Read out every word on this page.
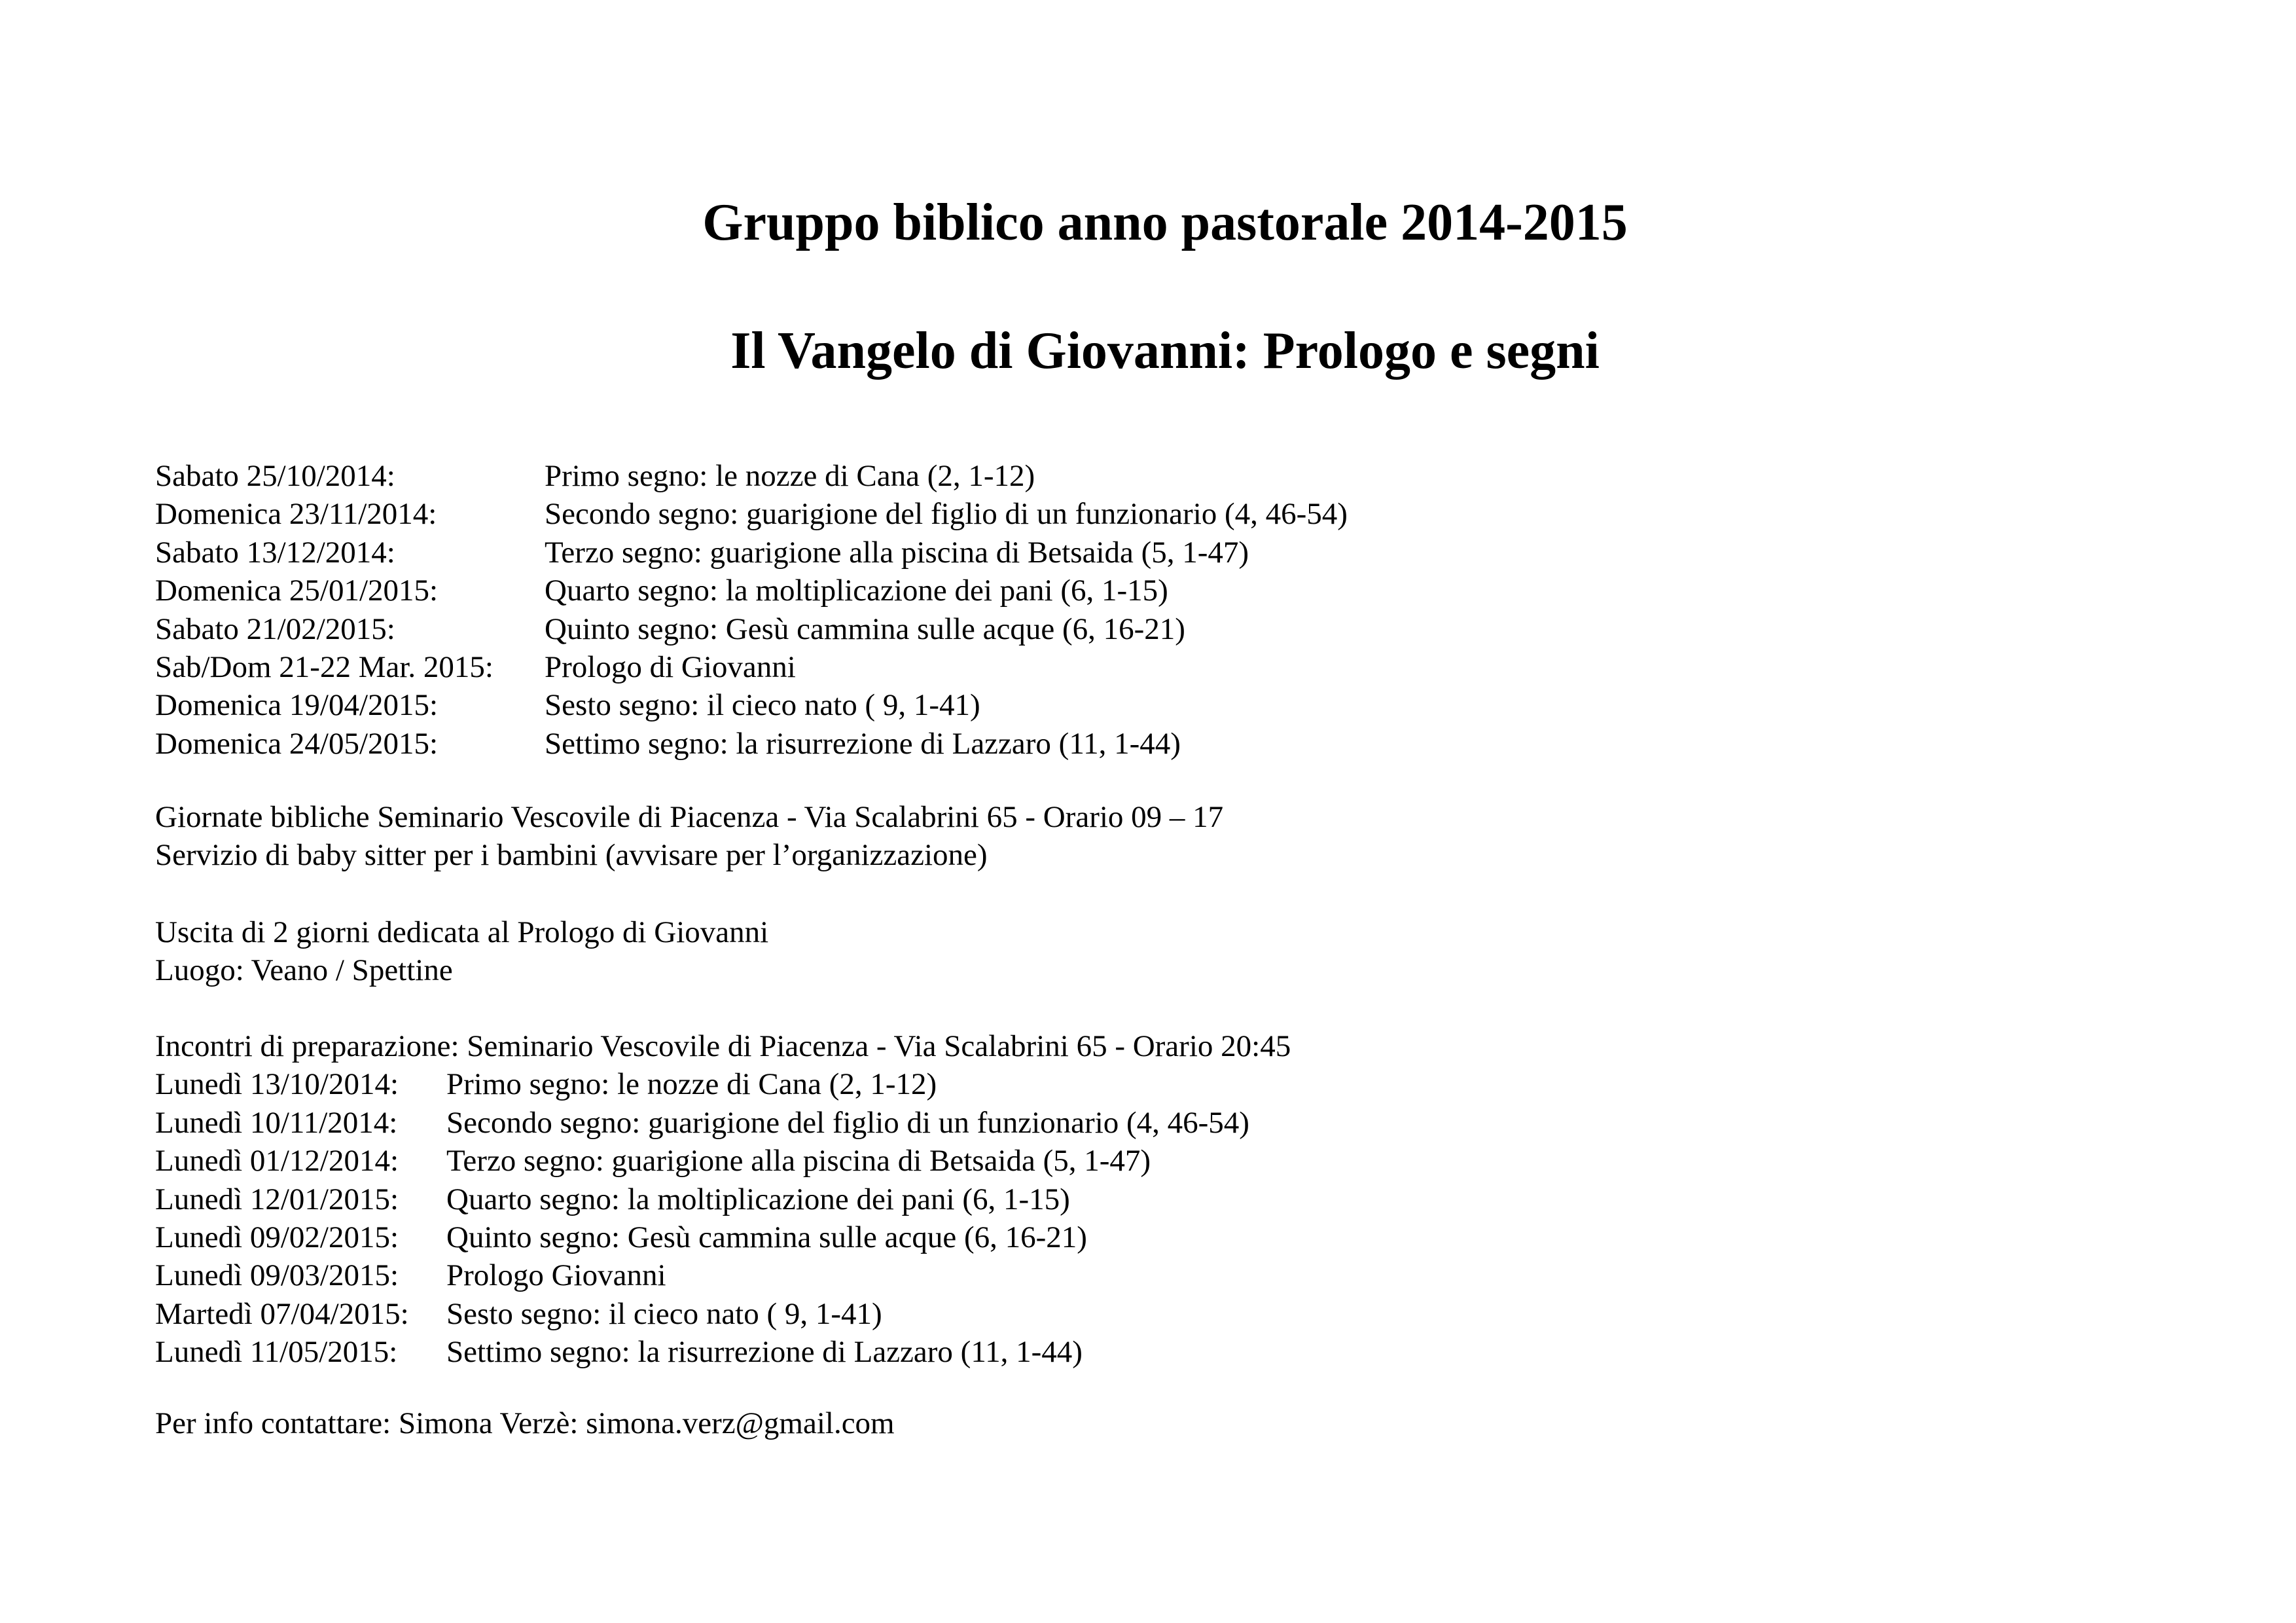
Gruppo biblico anno pastorale 2014-2015
Il Vangelo di Giovanni: Prologo e segni
Sabato 25/10/2014:	Primo segno: le nozze di Cana (2, 1-12)
Domenica 23/11/2014:	Secondo segno: guarigione del figlio di un funzionario (4, 46-54)
Sabato 13/12/2014:	Terzo segno: guarigione alla piscina di Betsaida (5, 1-47)
Domenica 25/01/2015:	Quarto segno: la moltiplicazione dei pani (6, 1-15)
Sabato 21/02/2015:	Quinto segno: Gesù cammina sulle acque (6, 16-21)
Sab/Dom 21-22 Mar. 2015:	Prologo di Giovanni
Domenica 19/04/2015:	Sesto segno: il cieco nato ( 9, 1-41)
Domenica 24/05/2015:	Settimo segno: la risurrezione di Lazzaro (11, 1-44)
Giornate bibliche Seminario Vescovile di Piacenza - Via Scalabrini 65 - Orario 09 – 17
Servizio di baby sitter per i bambini (avvisare per l’organizzazione)
Uscita di 2 giorni dedicata al Prologo di Giovanni
Luogo: Veano / Spettine
Incontri di preparazione: Seminario Vescovile di Piacenza - Via Scalabrini 65 - Orario 20:45
Lunedì 13/10/2014:	Primo segno: le nozze di Cana (2, 1-12)
Lunedì 10/11/2014:	Secondo segno: guarigione del figlio di un funzionario (4, 46-54)
Lunedì 01/12/2014:	Terzo segno: guarigione alla piscina di Betsaida (5, 1-47)
Lunedì 12/01/2015:	Quarto segno: la moltiplicazione dei pani (6, 1-15)
Lunedì 09/02/2015:	Quinto segno: Gesù cammina sulle acque (6, 16-21)
Lunedì 09/03/2015:	Prologo Giovanni
Martedì 07/04/2015:	Sesto segno: il cieco nato ( 9, 1-41)
Lunedì 11/05/2015:	Settimo segno: la risurrezione di Lazzaro (11, 1-44)
Per info contattare: Simona Verzè: simona.verz@gmail.com
